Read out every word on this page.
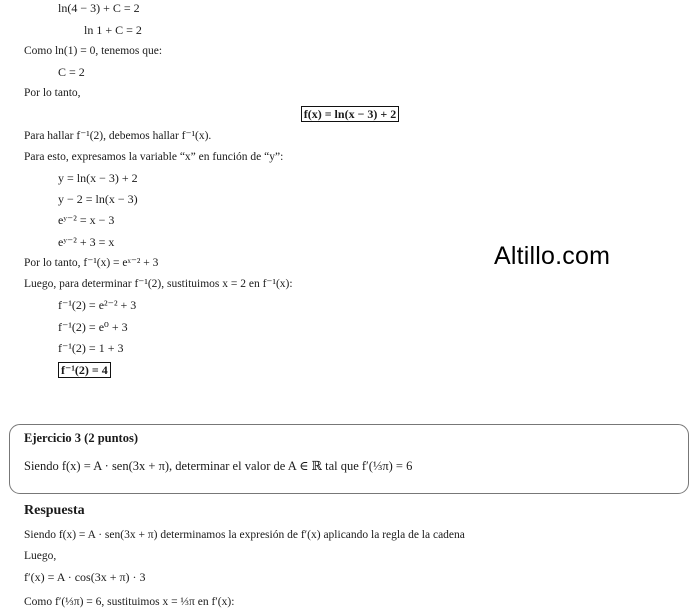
ln(4 − 3) + C = 2
ln 1 + C = 2
Como ln(1) = 0, tenemos que:
C = 2
Por lo tanto,
f(x) = ln(x − 3) + 2
Para hallar f⁻¹(2), debemos hallar f⁻¹(x).
Para esto, expresamos la variable “x” en función de “y”:
y = ln(x − 3) + 2
y − 2 = ln(x − 3)
eʸ⁻² = x − 3
eʸ⁻² + 3 = x
Por lo tanto, f⁻¹(x) = eˣ⁻² + 3
Luego, para determinar f⁻¹(2), sustituimos x = 2 en f⁻¹(x):
f⁻¹(2) = e²⁻² + 3
f⁻¹(2) = e⁰ + 3
f⁻¹(2) = 1 + 3
f⁻¹(2) = 4
Altillo.com
Ejercicio 3 (2 puntos)
Siendo f(x) = A · sen(3x + π), determinar el valor de A ∈ ℝ tal que f′(⅓π) = 6
Respuesta
Siendo f(x) = A · sen(3x + π) determinamos la expresión de f′(x) aplicando la regla de la cadena
Luego,
f′(x) = A · cos(3x + π) · 3
Como f′(⅓π) = 6, sustituimos x = ⅓π en f′(x):
